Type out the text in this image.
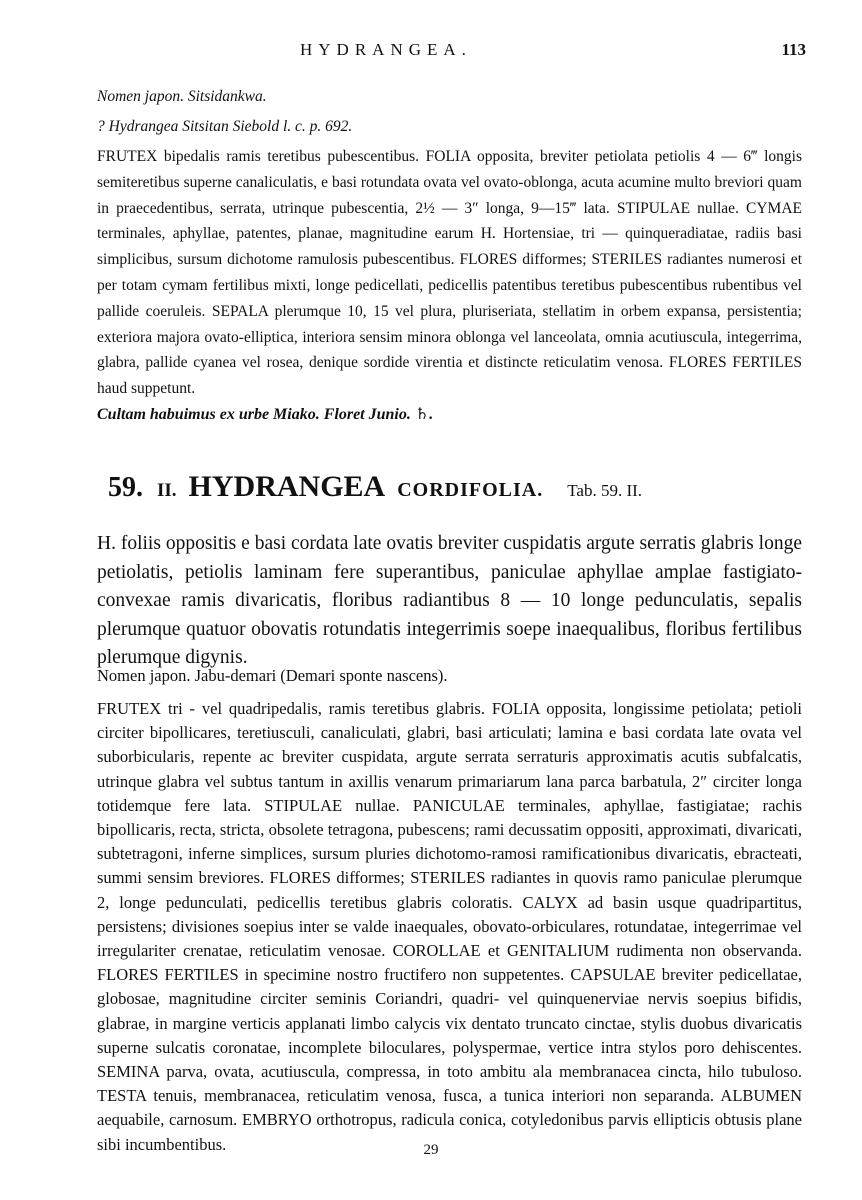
HYDRANGEA.	113

Nomen japon. Sitsidankwa.

? Hydrangea Sitsitan Siebold l. c. p. 692.

FRUTEX bipedalis ramis teretibus pubescentibus. FOLIA opposita, breviter petiolata petiolis 4 — 6‴ longis semiteretibus superne canaliculatis, e basi rotundata ovata vel ovato-oblonga, acuta acumine multo breviori quam in praecedentibus, serrata, utrinque pubescentia, 2½ — 3″ longa, 9—15‴ lata. STIPULAE nullae. CYMAE terminales, aphyllae, patentes, planae, magnitudine earum H. Hortensiae, tri — quinqueradiatae, radiis basi simplicibus, sursum dichotome ramulosis pubescentibus. FLORES difformes; STERILES radiantes numerosi et per totam cymam fertilibus mixti, longe pedicellati, pedicellis patentibus teretibus pubescentibus rubentibus vel pallide coeruleis. SEPALA plerumque 10, 15 vel plura, pluriseriata, stellatim in orbem expansa, persistentia; exteriora majora ovato-elliptica, interiora sensim minora oblonga vel lanceolata, omnia acutiuscula, integerrima, glabra, pallide cyanea vel rosea, denique sordide virentia et distincte reticulatim venosa. FLORES FERTILES haud suppetunt.

Cultam habuimus ex urbe Miako. Floret Junio. ♄.
59. II. HYDRANGEA CORDIFOLIA. Tab. 59. II.

H. foliis oppositis e basi cordata late ovatis breviter cuspidatis argute serratis glabris longe petiolatis, petiolis laminam fere superantibus, paniculae aphyllae amplae fastigiato-convexae ramis divaricatis, floribus radiantibus 8 — 10 longe pedunculatis, sepalis plerumque quatuor obovatis rotundatis integerrimis soepe inaequalibus, floribus fertilibus plerumque digynis.

Nomen japon. Jabu-demari (Demari sponte nascens).

FRUTEX tri - vel quadripedalis, ramis teretibus glabris. FOLIA opposita, longissime petiolata; petioli circiter bipollicares, teretiusculi, canaliculati, glabri, basi articulati; lamina e basi cordata late ovata vel suborbicularis, repente ac breviter cuspidata, argute serrata serraturis approximatis acutis subfalcatis, utrinque glabra vel subtus tantum in axillis venarum primariarum lana parca barbatula, 2″ circiter longa totidemque fere lata. STIPULAE nullae. PANICULAE terminales, aphyllae, fastigiatae; rachis bipollicaris, recta, stricta, obsolete tetragona, pubescens; rami decussatim oppositi, approximati, divaricati, subtetragoni, inferne simplices, sursum pluries dichotomo-ramosi ramificationibus divaricatis, ebracteati, summi sensim breviores. FLORES difformes; STERILES radiantes in quovis ramo paniculae plerumque 2, longe pedunculati, pedicellis teretibus glabris coloratis. CALYX ad basin usque quadripartitus, persistens; divisiones soepius inter se valde inaequales, obovato-orbiculares, rotundatae, integerrimae vel irregulariter crenatae, reticulatim venosae. COROLLAE et GENITALIUM rudimenta non observanda. FLORES FERTILES in specimine nostro fructifero non suppetentes. CAPSULAE breviter pedicellatae, globosae, magnitudine circiter seminis Coriandri, quadri- vel quinquenerviae nervis soepius bifidis, glabrae, in margine verticis applanati limbo calycis vix dentato truncato cinctae, stylis duobus divaricatis superne sulcatis coronatae, incomplete biloculares, polyspermae, vertice intra stylos poro dehiscentes. SEMINA parva, ovata, acutiuscula, compressa, in toto ambitu ala membranacea cincta, hilo tubuloso. TESTA tenuis, membranacea, reticulatim venosa, fusca, a tunica interiori non separanda. ALBUMEN aequabile, carnosum. EMBRYO orthotropus, radicula conica, cotyledonibus parvis ellipticis obtusis plane sibi incumbentibus.	29
